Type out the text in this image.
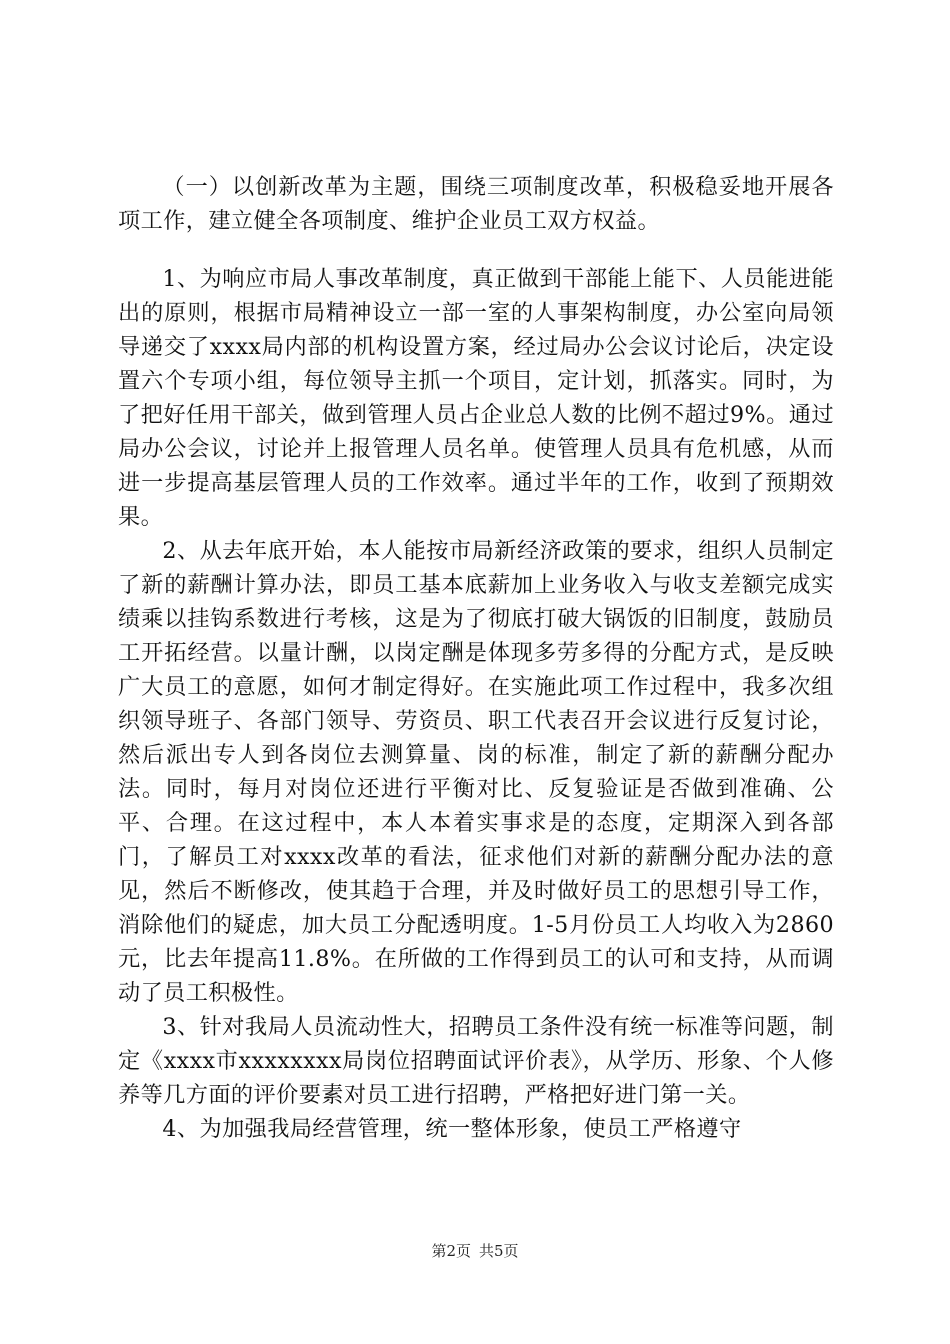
（一）以创新改革为主题，围绕三项制度改革，积极稳妥地开展各项工作，建立健全各项制度、维护企业员工双方权益。

1、为响应市局人事改革制度，真正做到干部能上能下、人员能进能出的原则，根据市局精神设立一部一室的人事架构制度，办公室向局领导递交了xxxx局内部的机构设置方案，经过局办公会议讨论后，决定设置六个专项小组，每位领导主抓一个项目，定计划，抓落实。同时，为了把好任用干部关，做到管理人员占企业总人数的比例不超过9%。通过局办公会议，讨论并上报管理人员名单。使管理人员具有危机感，从而进一步提高基层管理人员的工作效率。通过半年的工作，收到了预期效果。

2、从去年底开始，本人能按市局新经济政策的要求，组织人员制定了新的薪酬计算办法，即员工基本底薪加上业务收入与收支差额完成实绩乘以挂钩系数进行考核，这是为了彻底打破大锅饭的旧制度，鼓励员工开拓经营。以量计酬，以岗定酬是体现多劳多得的分配方式，是反映广大员工的意愿，如何才制定得好。在实施此项工作过程中，我多次组织领导班子、各部门领导、劳资员、职工代表召开会议进行反复讨论，然后派出专人到各岗位去测算量、岗的标准，制定了新的薪酬分配办法。同时，每月对岗位还进行平衡对比、反复验证是否做到准确、公平、合理。在这过程中，本人本着实事求是的态度，定期深入到各部门，了解员工对xxxx改革的看法，征求他们对新的薪酬分配办法的意见，然后不断修改，使其趋于合理，并及时做好员工的思想引导工作，消除他们的疑虑，加大员工分配透明度。1-5月份员工人均收入为2860元，比去年提高11.8%。在所做的工作得到员工的认可和支持，从而调动了员工积极性。

3、针对我局人员流动性大，招聘员工条件没有统一标准等问题，制定《xxxx市xxxxxxxx局岗位招聘面试评价表》，从学历、形象、个人修养等几方面的评价要素对员工进行招聘，严格把好进门第一关。

4、为加强我局经营管理，统一整体形象，使员工严格遵守

第2页 共5页
